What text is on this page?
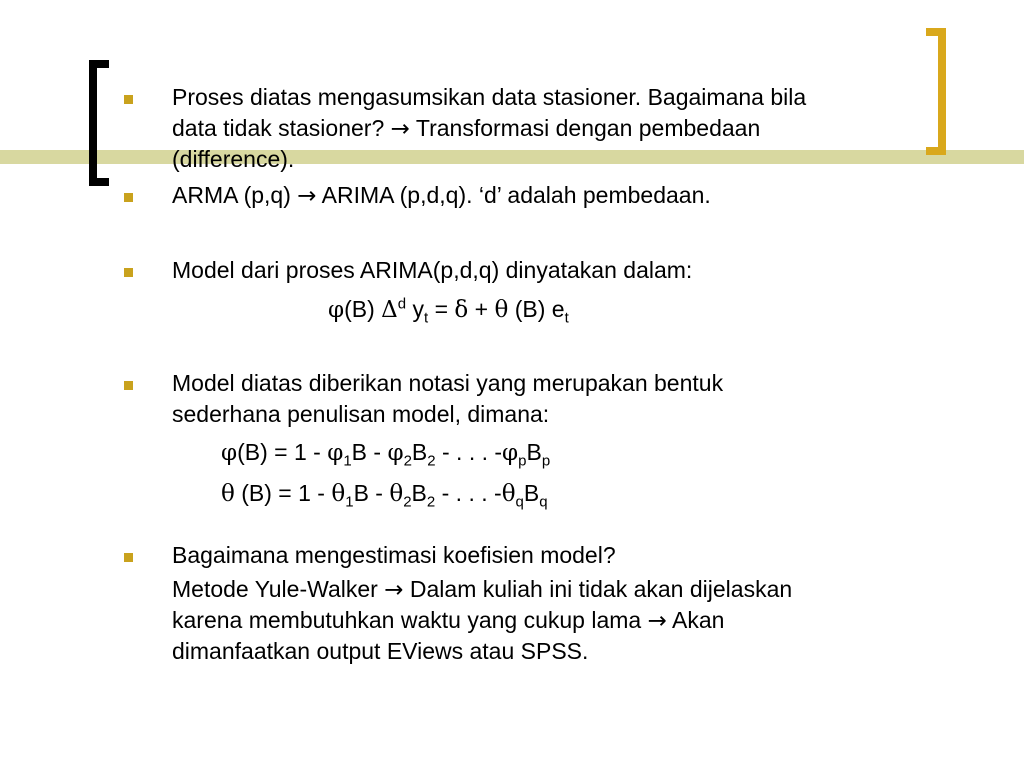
Proses diatas mengasumsikan data stasioner. Bagaimana bila
data tidak stasioner? → Transformasi dengan pembedaan
(difference).
ARMA (p,q) → ARIMA (p,d,q). ‘d’ adalah pembedaan.
Model dari proses ARIMA(p,d,q) dinyatakan dalam:
φ(B) $\Delta^d$ $y_t = \delta + \theta$ (B) $e_t$
Model diatas diberikan notasi yang merupakan bentuk
sederhana penulisan model, dimana:
$\varphi(B) = 1 - \varphi_1B - \varphi_2B_2$ - . . . $-\varphi_pB_p$
θ $(B) = 1 - \theta_1B - \theta_2B_2$ - . . . $-\theta_qB_q$
Bagaimana mengestimasi koefisien model?
Metode Yule-Walker → Dalam kuliah ini tidak akan dijelaskan
karena membutuhkan waktu yang cukup lama → Akan
dimanfaatkan output EViews atau SPSS.
